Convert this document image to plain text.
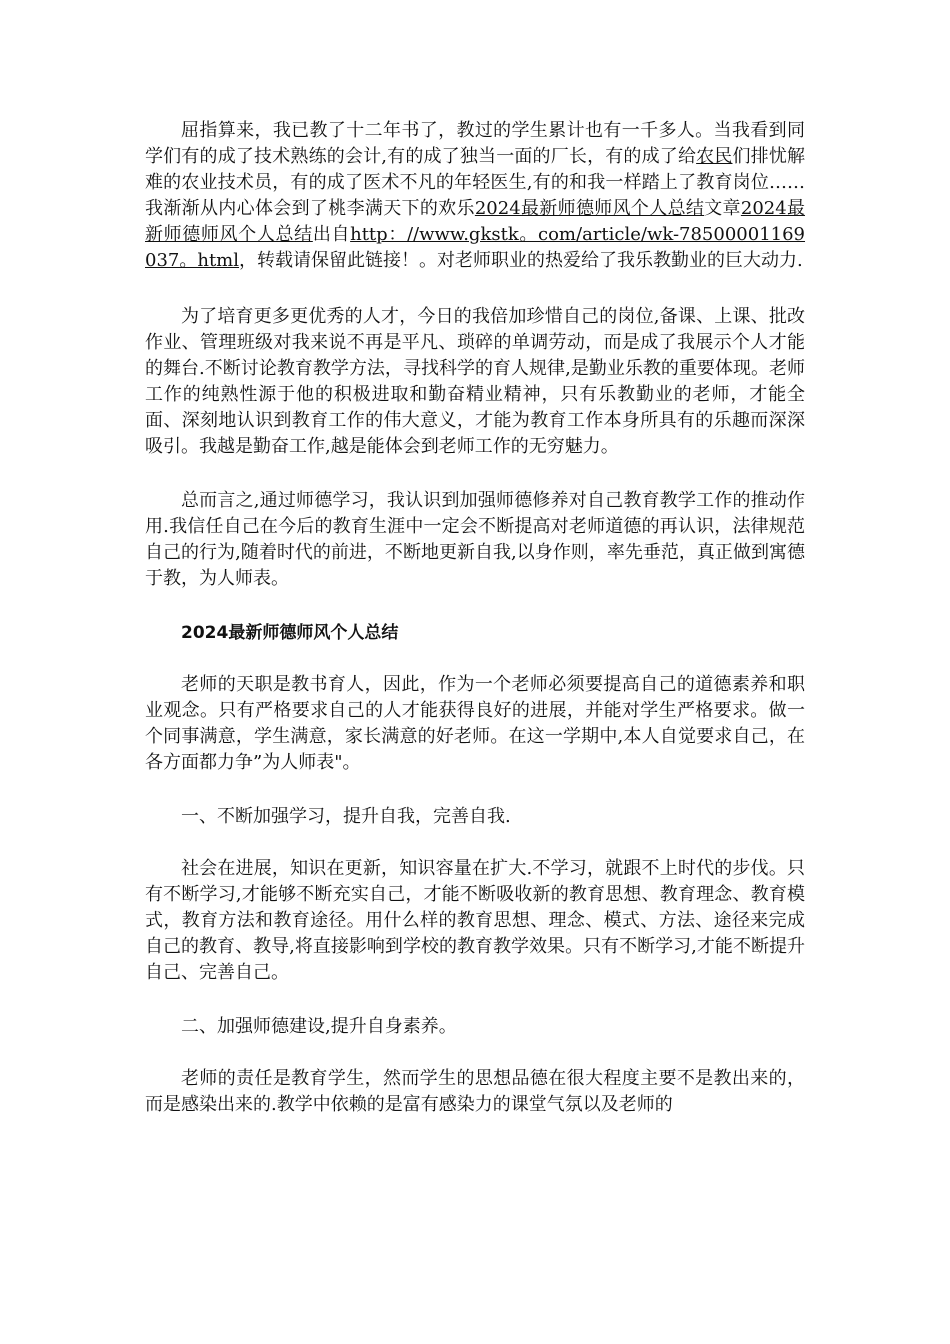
屈指算来，我已教了十二年书了，教过的学生累计也有一千多人。当我看到同学们有的成了技术熟练的会计,有的成了独当一面的厂长，有的成了给农民们排忧解难的农业技术员，有的成了医术不凡的年轻医生,有的和我一样踏上了教育岗位……我渐渐从内心体会到了桃李满天下的欢乐2024最新师德师风个人总结文章2024最新师德师风个人总结出自http：//www.gkstk。com/article/wk-78500001169037。html，转载请保留此链接！。对老师职业的热爱给了我乐教勤业的巨大动力.

为了培育更多更优秀的人才，今日的我倍加珍惜自己的岗位,备课、上课、批改作业、管理班级对我来说不再是平凡、琐碎的单调劳动，而是成了我展示个人才能的舞台.不断讨论教育教学方法，寻找科学的育人规律,是勤业乐教的重要体现。老师工作的纯熟性源于他的积极进取和勤奋精业精神，只有乐教勤业的老师，才能全面、深刻地认识到教育工作的伟大意义，才能为教育工作本身所具有的乐趣而深深吸引。我越是勤奋工作,越是能体会到老师工作的无穷魅力。

总而言之,通过师德学习，我认识到加强师德修养对自己教育教学工作的推动作用.我信任自己在今后的教育生涯中一定会不断提高对老师道德的再认识，法律规范自己的行为,随着时代的前进，不断地更新自我,以身作则，率先垂范，真正做到寓德于教，为人师表。

2024最新师德师风个人总结

老师的天职是教书育人，因此，作为一个老师必须要提高自己的道德素养和职业观念。只有严格要求自己的人才能获得良好的进展，并能对学生严格要求。做一个同事满意，学生满意，家长满意的好老师。在这一学期中,本人自觉要求自己，在各方面都力争”为人师表"。

一、不断加强学习，提升自我，完善自我.

社会在进展，知识在更新，知识容量在扩大.不学习，就跟不上时代的步伐。只有不断学习,才能够不断充实自己，才能不断吸收新的教育思想、教育理念、教育模式，教育方法和教育途径。用什么样的教育思想、理念、模式、方法、途径来完成自己的教育、教导,将直接影响到学校的教育教学效果。只有不断学习,才能不断提升自己、完善自己。

二、加强师德建设,提升自身素养。

老师的责任是教育学生，然而学生的思想品德在很大程度主要不是教出来的，而是感染出来的.教学中依赖的是富有感染力的课堂气氛以及老师的
